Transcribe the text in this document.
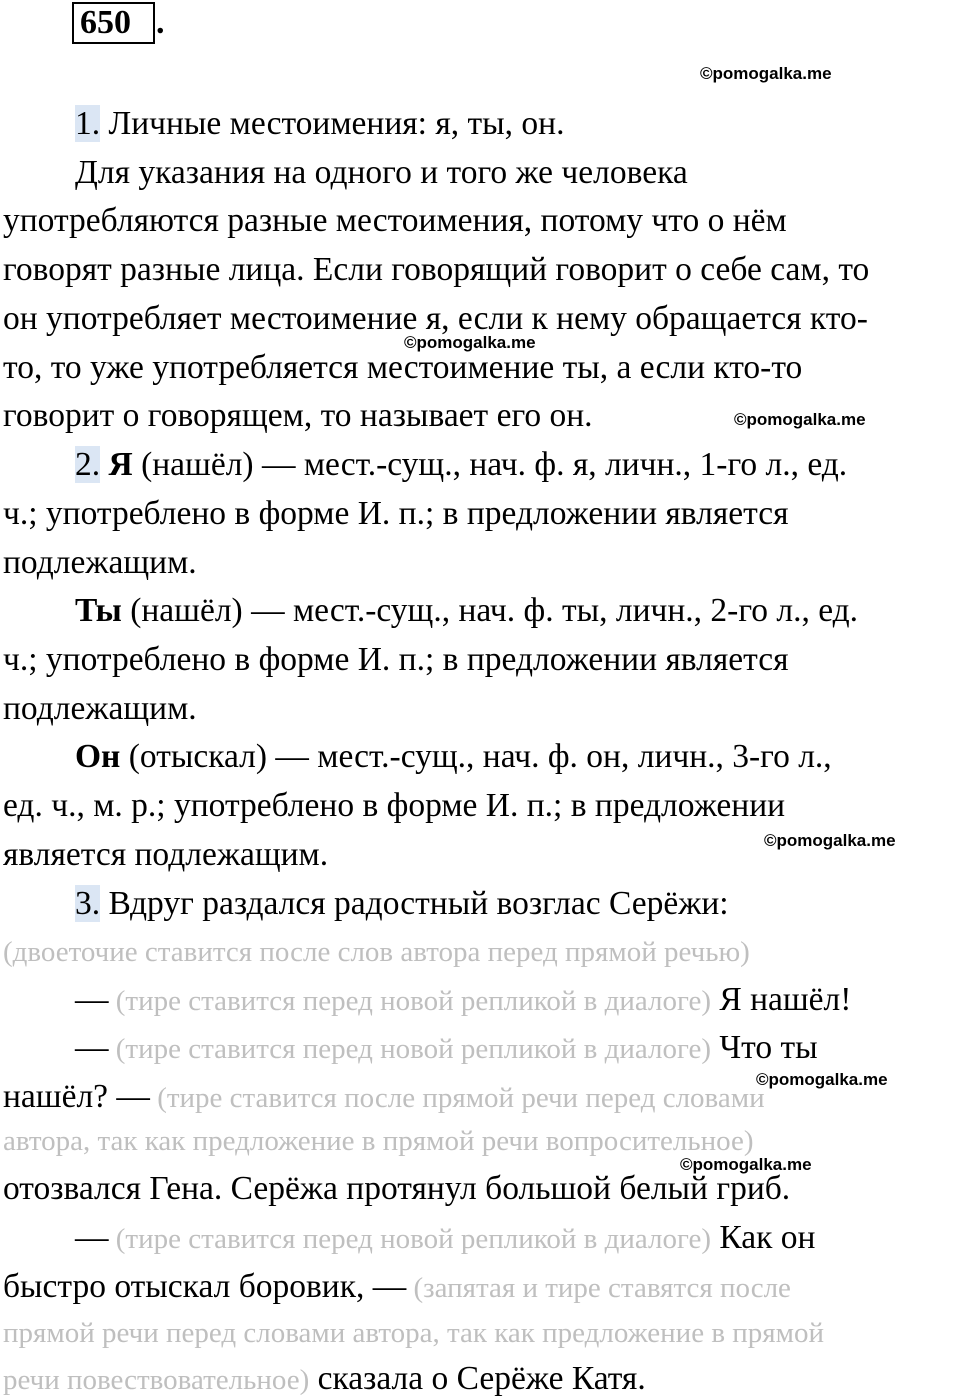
650 .
©pomogalka.me
©pomogalka.me
©pomogalka.me
©pomogalka.me
©pomogalka.me
©pomogalka.me
1. Личные местоимения: я, ты, он.
Для указания на одного и того же человека
употребляются разные местоимения, потому что о нём
говорят разные лица. Если говорящий говорит о себе сам, то
он употребляет местоимение я, если к нему обращается кто-
то, то уже употребляется местоимение ты, а если кто-то
говорит о говорящем, то называет его он.
2. Я (нашёл) — мест.-сущ., нач. ф. я, личн., 1-го л., ед.
ч.; употреблено в форме И. п.; в предложении является
подлежащим.
Ты (нашёл) — мест.-сущ., нач. ф. ты, личн., 2-го л., ед.
ч.; употреблено в форме И. п.; в предложении является
подлежащим.
Он (отыскал) — мест.-сущ., нач. ф. он, личн., 3-го л.,
ед. ч., м. р.; употреблено в форме И. п.; в предложении
является подлежащим.
3. Вдруг раздался радостный возглас Серёжи:
(двоеточие ставится после слов автора перед прямой речью)
— (тире ставится перед новой репликой в диалоге) Я нашёл!
— (тире ставится перед новой репликой в диалоге) Что ты
нашёл? — (тире ставится после прямой речи перед словами
автора, так как предложение в прямой речи вопросительное)
отозвался Гена. Серёжа протянул большой белый гриб.
— (тире ставится перед новой репликой в диалоге) Как он
быстро отыскал боровик, — (запятая и тире ставятся после
прямой речи перед словами автора, так как предложение в прямой
речи повествовательное) сказала о Серёже Катя.
